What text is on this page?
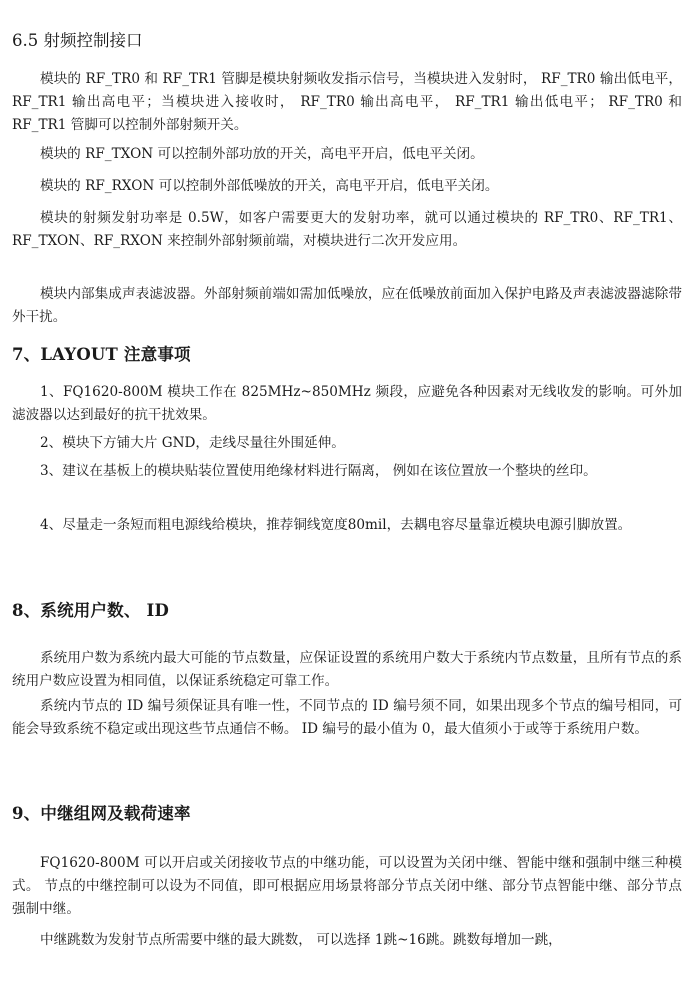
6.5 射频控制接口

模块的 RF_TR0 和 RF_TR1 管脚是模块射频收发指示信号，当模块进入发射时， RF_TR0 输出低电平， RF_TR1 输出高电平；当模块进入接收时， RF_TR0 输出高电平， RF_TR1 输出低电平； RF_TR0 和 RF_TR1 管脚可以控制外部射频开关。

模块的 RF_TXON 可以控制外部功放的开关，高电平开启，低电平关闭。

模块的 RF_RXON 可以控制外部低噪放的开关，高电平开启，低电平关闭。

模块的射频发射功率是 0.5W，如客户需要更大的发射功率，就可以通过模块的 RF_TR0、RF_TR1、RF_TXON、RF_RXON 来控制外部射频前端，对模块进行二次开发应用。

模块内部集成声表滤波器。外部射频前端如需加低噪放，应在低噪放前面加入保护电路及声表滤波器滤除带外干扰。

7、LAYOUT 注意事项

1、FQ1620-800M 模块工作在 825MHz~850MHz 频段，应避免各种因素对无线收发的影响。可外加滤波器以达到最好的抗干扰效果。

2、模块下方铺大片 GND，走线尽量往外围延伸。

3、建议在基板上的模块贴装位置使用绝缘材料进行隔离， 例如在该位置放一个整块的丝印。

4、尽量走一条短而粗电源线给模块，推荐铜线宽度80mil，去耦电容尽量靠近模块电源引脚放置。

8、系统用户数、 ID

系统用户数为系统内最大可能的节点数量，应保证设置的系统用户数大于系统内节点数量，且所有节点的系统用户数应设置为相同值，以保证系统稳定可靠工作。

系统内节点的 ID 编号须保证具有唯一性，不同节点的 ID 编号须不同，如果出现多个节点的编号相同，可能会导致系统不稳定或出现这些节点通信不畅。 ID 编号的最小值为 0，最大值须小于或等于系统用户数。

9、中继组网及载荷速率

FQ1620-800M 可以开启或关闭接收节点的中继功能，可以设置为关闭中继、智能中继和强制中继三种模式。 节点的中继控制可以设为不同值，即可根据应用场景将部分节点关闭中继、部分节点智能中继、部分节点强制中继。

中继跳数为发射节点所需要中继的最大跳数， 可以选择 1跳~16跳。跳数每增加一跳，
